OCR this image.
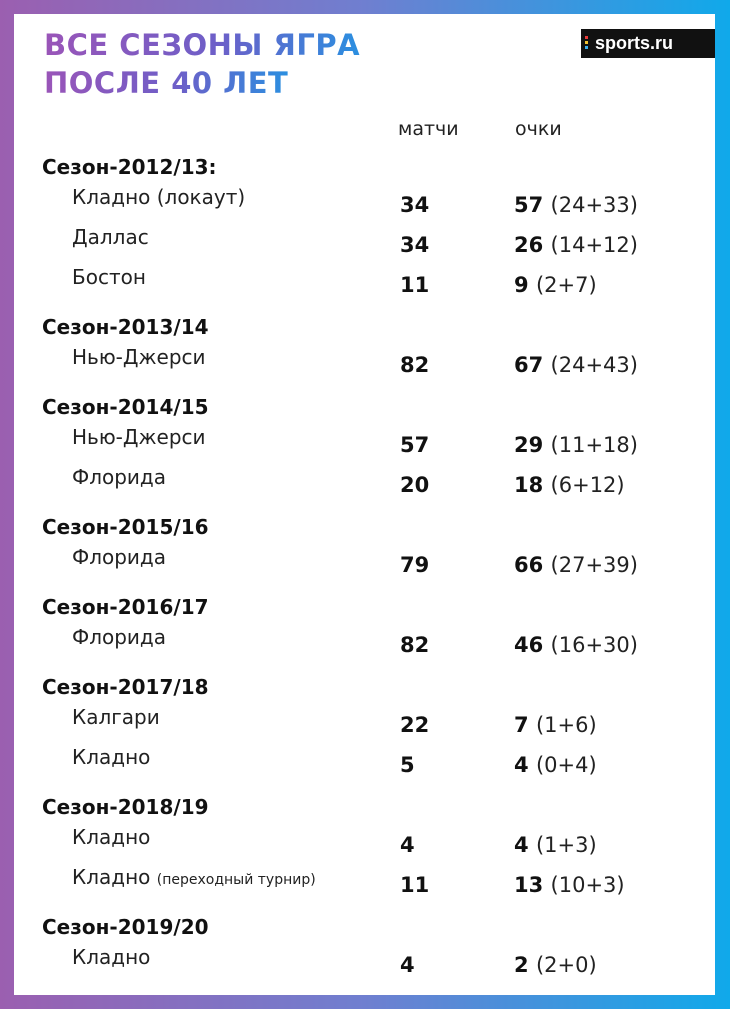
ВСЕ СЕЗОНЫ ЯГРА
ПОСЛЕ 40 ЛЕТ
sports.ru
матчи	очки
Сезон-2012/13:
Кладно (локаут)	34	57 (24+33)
Даллас	34	26 (14+12)
Бостон	11	9 (2+7)
Сезон-2013/14
Нью-Джерси	82	67 (24+43)
Сезон-2014/15
Нью-Джерси	57	29 (11+18)
Флорида	20	18 (6+12)
Сезон-2015/16
Флорида	79	66 (27+39)
Сезон-2016/17
Флорида	82	46 (16+30)
Сезон-2017/18
Калгари	22	7 (1+6)
Кладно	5	4 (0+4)
Сезон-2018/19
Кладно	4	4 (1+3)
Кладно (переходный турнир)	11	13 (10+3)
Сезон-2019/20
Кладно	4	2 (2+0)
